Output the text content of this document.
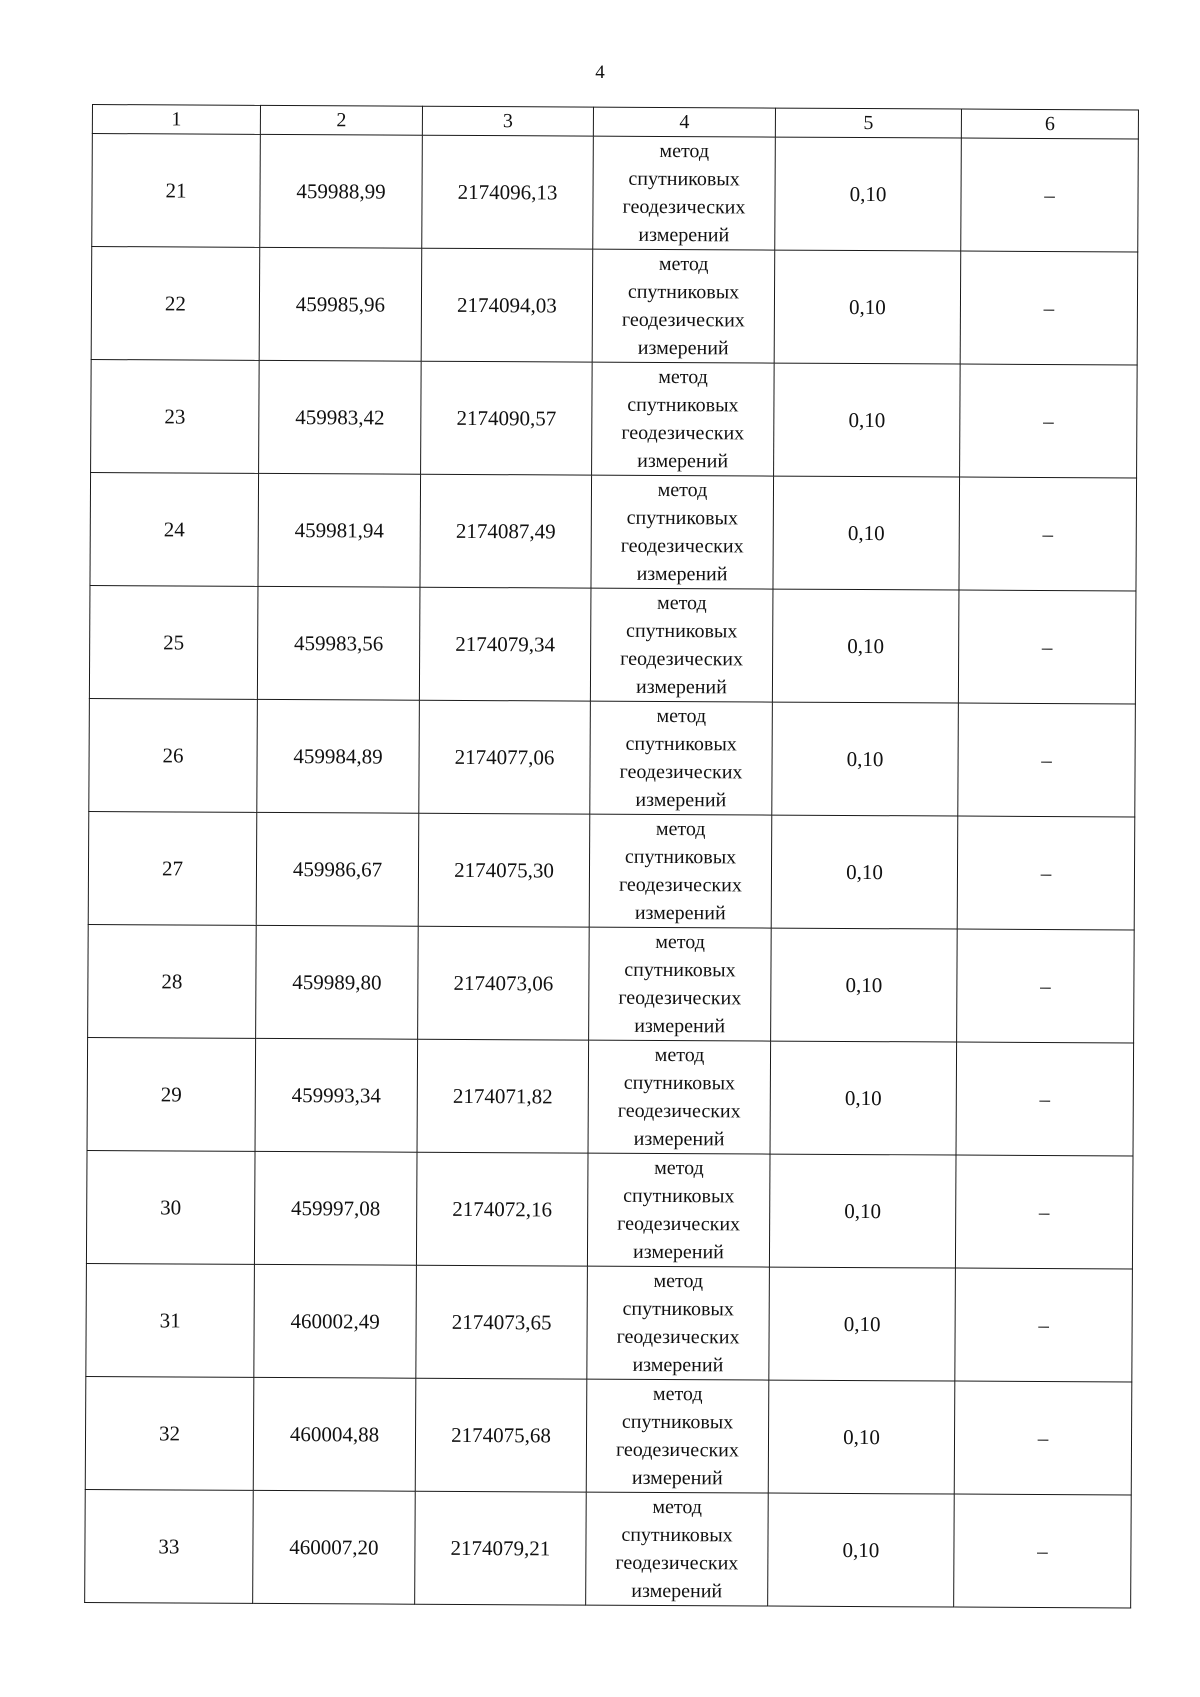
4
1	2	3	4	5	6
21	459988,99	2174096,13	метод
спутниковых
геодезических
измерений	0,10	–
22	459985,96	2174094,03	метод
спутниковых
геодезических
измерений	0,10	–
23	459983,42	2174090,57	метод
спутниковых
геодезических
измерений	0,10	–
24	459981,94	2174087,49	метод
спутниковых
геодезических
измерений	0,10	–
25	459983,56	2174079,34	метод
спутниковых
геодезических
измерений	0,10	–
26	459984,89	2174077,06	метод
спутниковых
геодезических
измерений	0,10	–
27	459986,67	2174075,30	метод
спутниковых
геодезических
измерений	0,10	–
28	459989,80	2174073,06	метод
спутниковых
геодезических
измерений	0,10	–
29	459993,34	2174071,82	метод
спутниковых
геодезических
измерений	0,10	–
30	459997,08	2174072,16	метод
спутниковых
геодезических
измерений	0,10	–
31	460002,49	2174073,65	метод
спутниковых
геодезических
измерений	0,10	–
32	460004,88	2174075,68	метод
спутниковых
геодезических
измерений	0,10	–
33	460007,20	2174079,21	метод
спутниковых
геодезических
измерений	0,10	–
